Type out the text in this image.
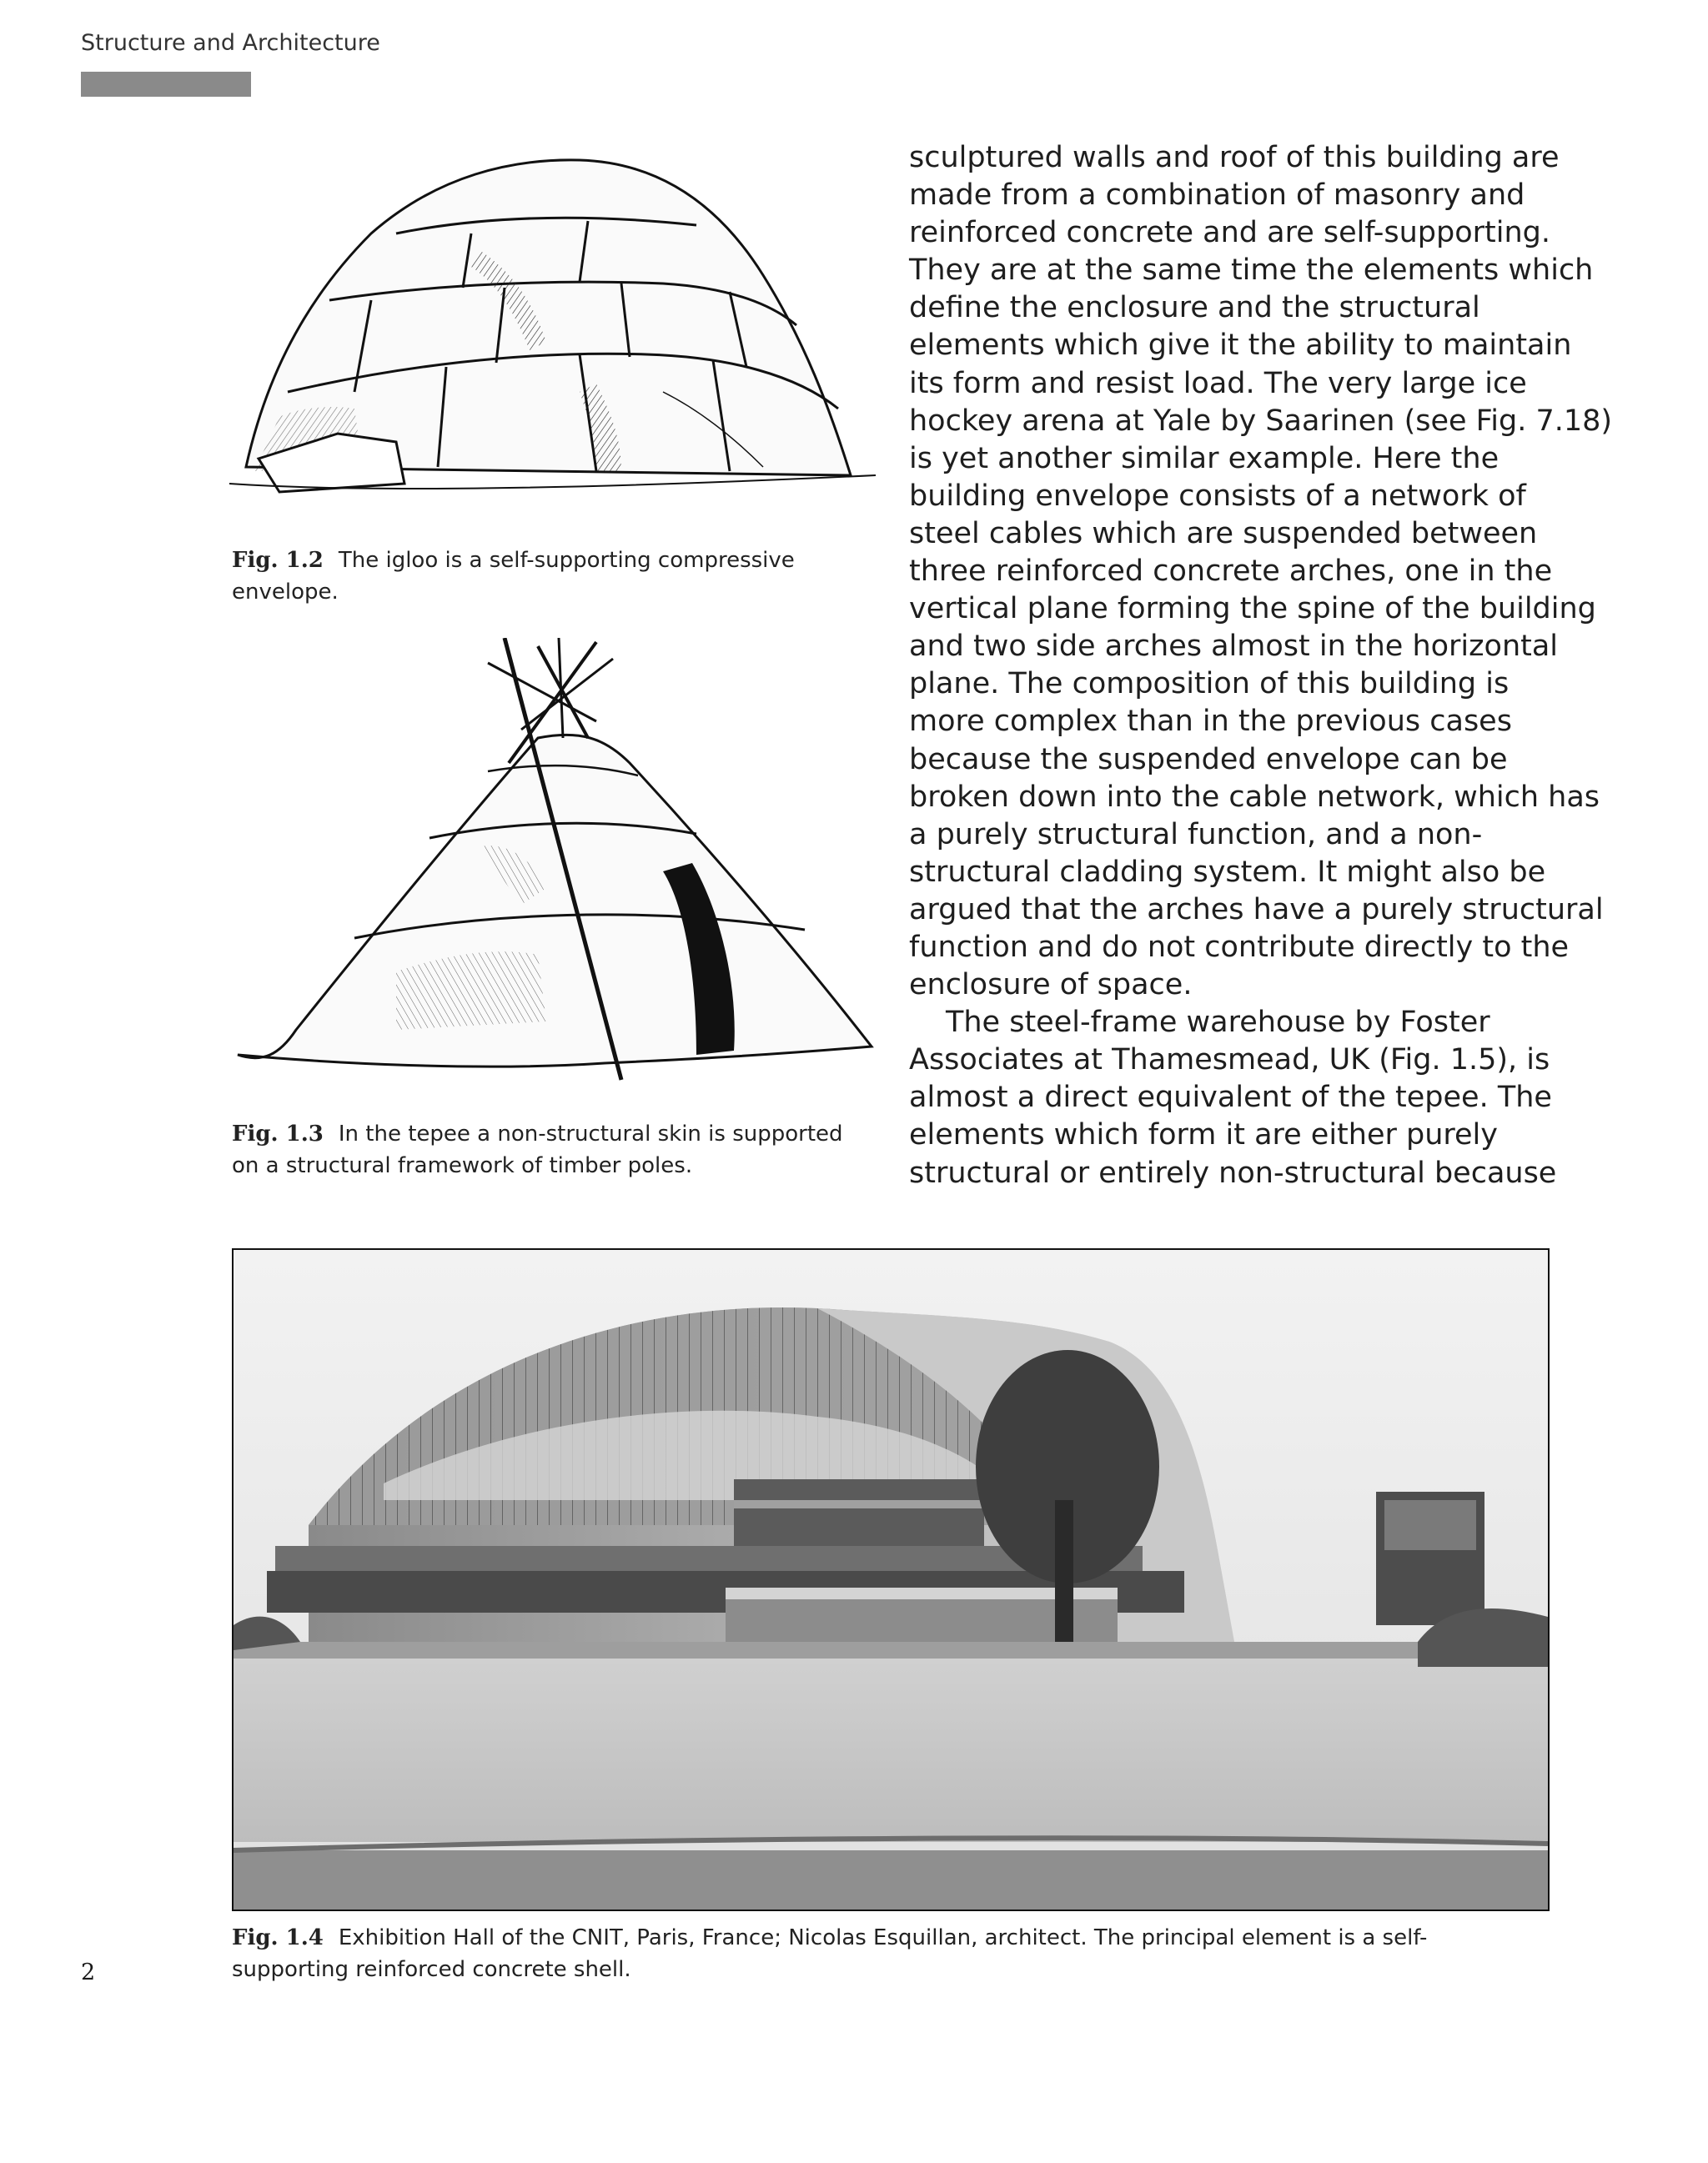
Structure and Architecture
Fig. 1.2 The igloo is a self-supporting compressive envelope.
Fig. 1.3 In the tepee a non-structural skin is supported
on a structural framework of timber poles.
sculptured walls and roof of this building are
made from a combination of masonry and
reinforced concrete and are self-supporting.
They are at the same time the elements which
define the enclosure and the structural
elements which give it the ability to maintain
its form and resist load. The very large ice
hockey arena at Yale by Saarinen (see Fig. 7.18)
is yet another similar example. Here the
building envelope consists of a network of
steel cables which are suspended between
three reinforced concrete arches, one in the
vertical plane forming the spine of the building
and two side arches almost in the horizontal
plane. The composition of this building is
more complex than in the previous cases
because the suspended envelope can be
broken down into the cable network, which has
a purely structural function, and a non-
structural cladding system. It might also be
argued that the arches have a purely structural
function and do not contribute directly to the
enclosure of space.
The steel-frame warehouse by Foster
Associates at Thamesmead, UK (Fig. 1.5), is
almost a direct equivalent of the tepee. The
elements which form it are either purely
structural or entirely non-structural because
Fig. 1.4 Exhibition Hall of the CNIT, Paris, France; Nicolas Esquillan, architect. The principal element is a self-
supporting reinforced concrete shell.
2
